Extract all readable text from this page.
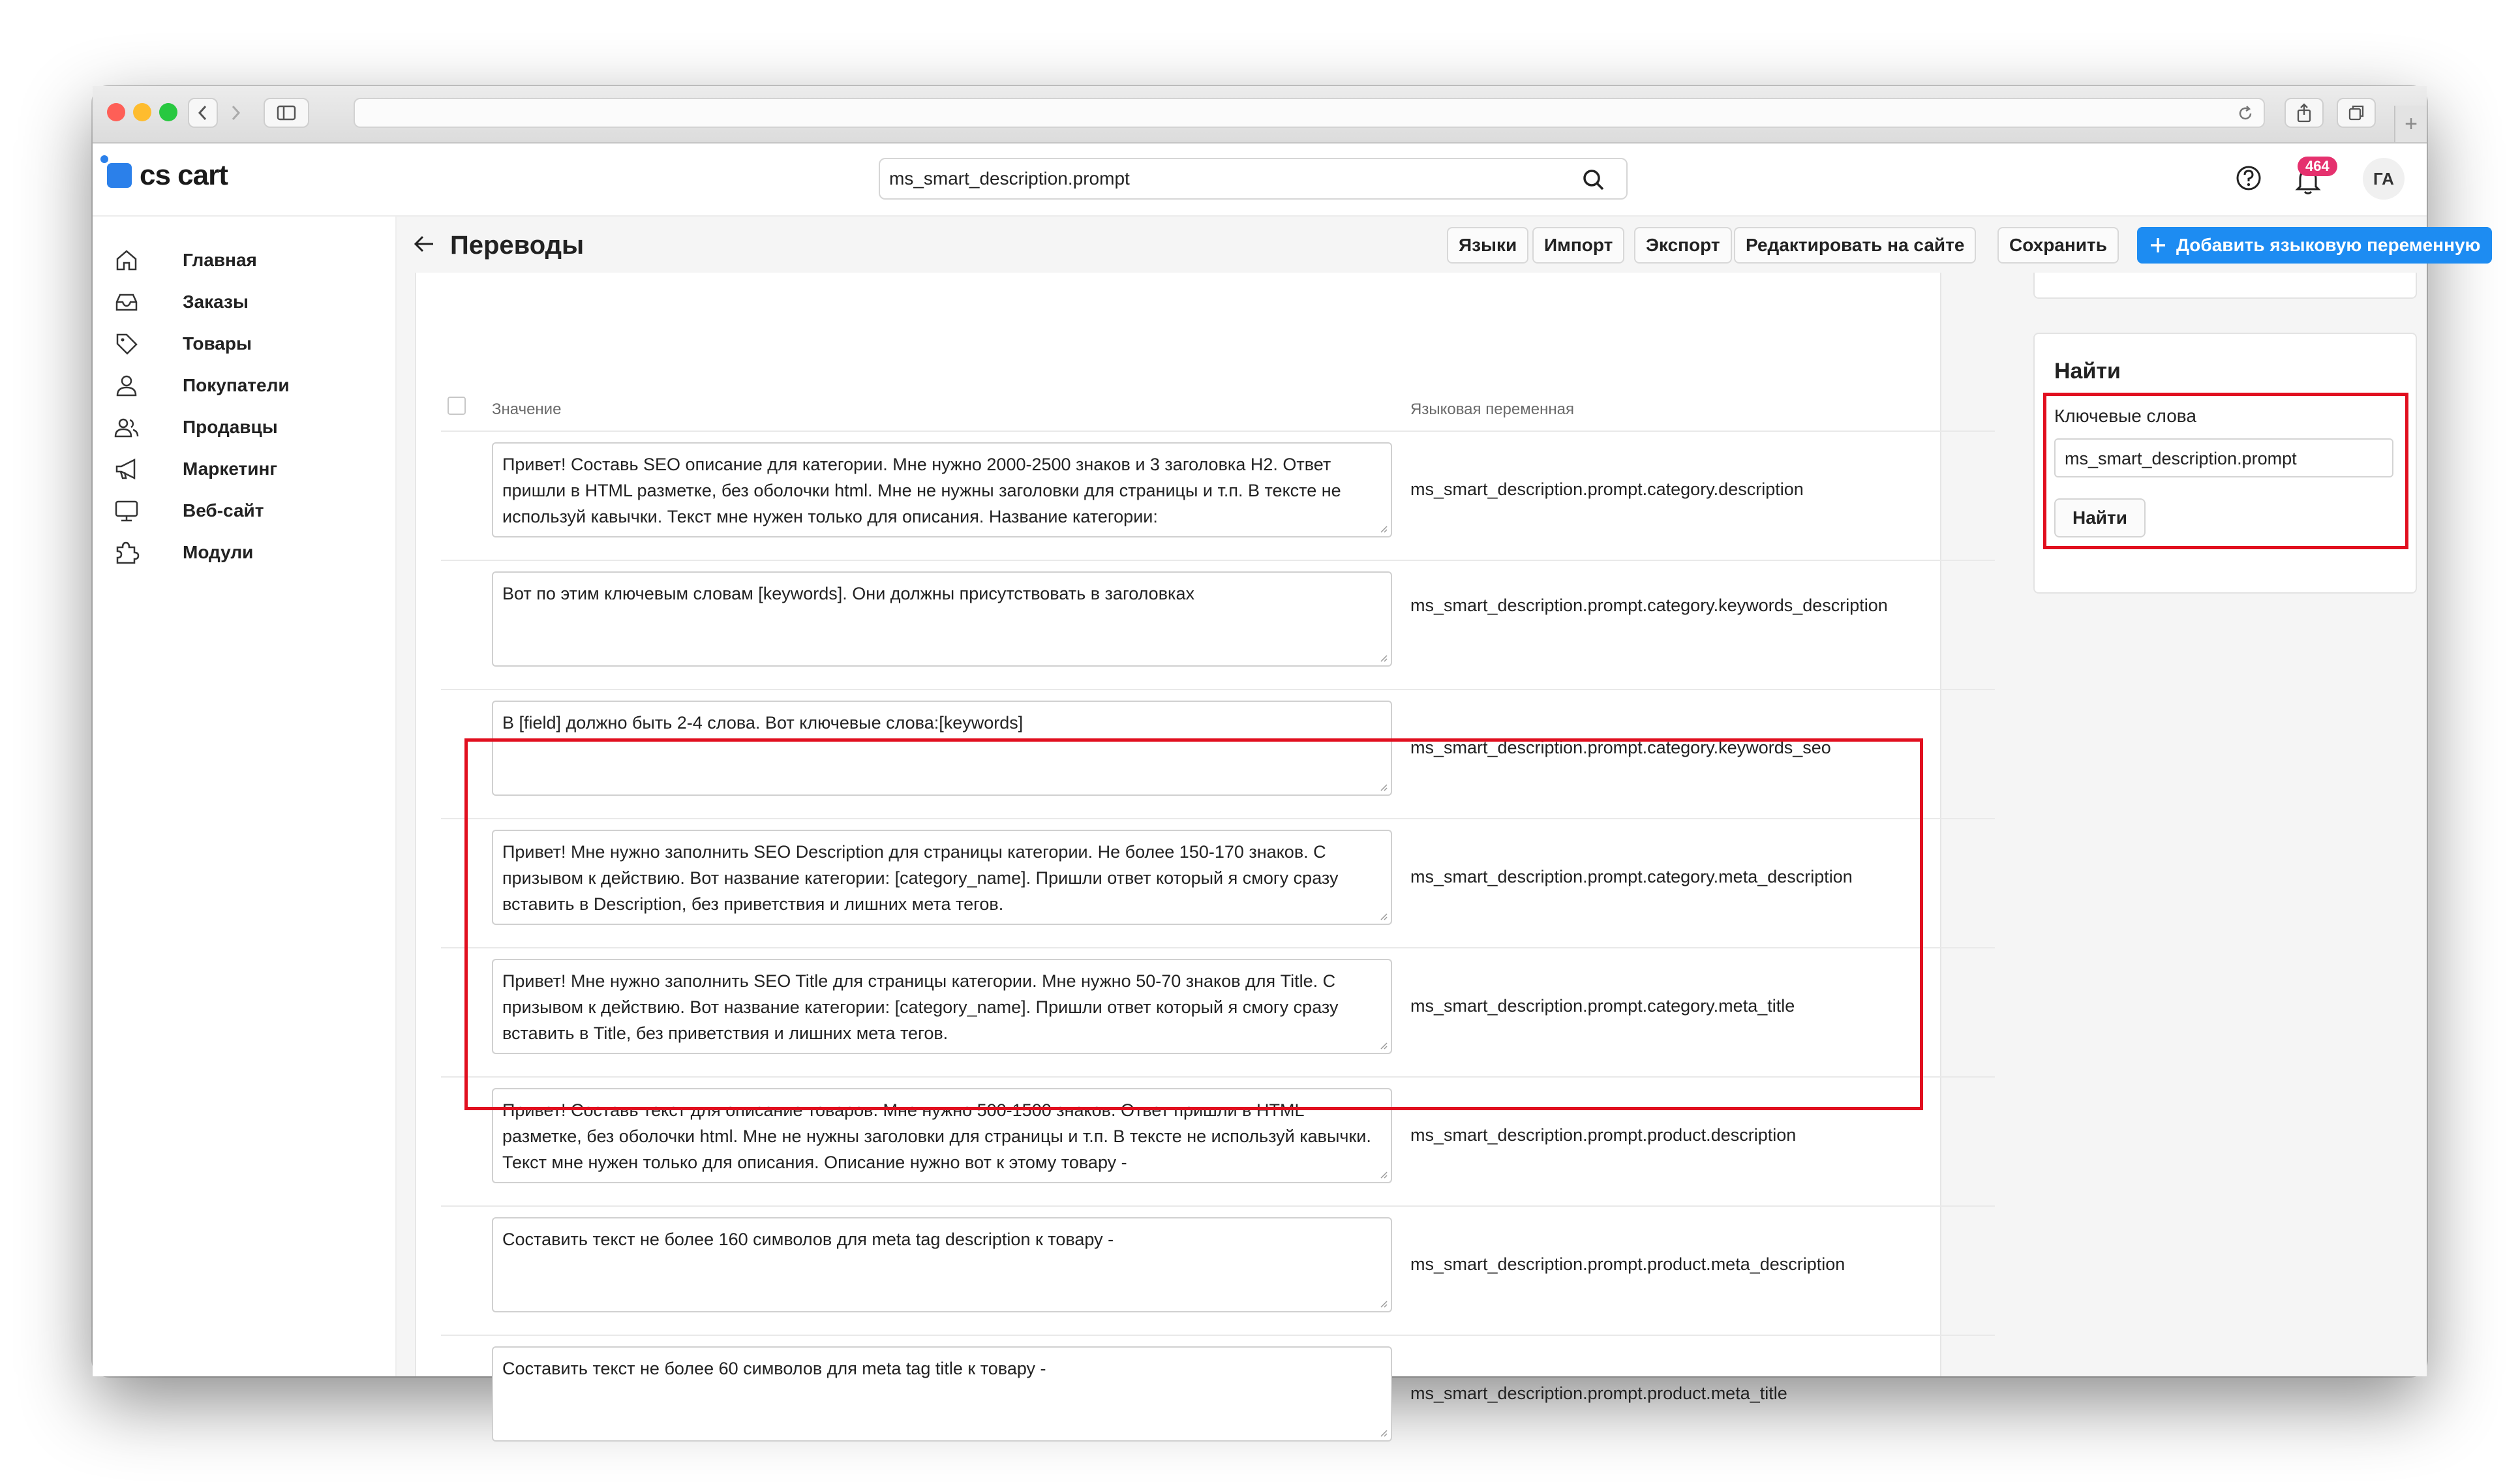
+
cs cart	ms_smart_description.prompt
464
ГА
Главная
Заказы
Товары
Покупатели
Продавцы
Маркетинг
Веб-сайт
Модули
Переводы	Языки	Импорт	Экспорт	Редактировать на сайте	Сохранить	Добавить языковую переменную
Значение	Языковая переменная
Привет! Составь SEO описание для категории. Мне нужно 2000-2500 знаков и 3 заголовка H2. Ответ пришли в HTML разметке, без оболочки html. Мне не нужны заголовки для страницы и т.п. В тексте не используй кавычки. Текст мне нужен только для описания. Название категории:
ms_smart_description.prompt.category.description
Вот по этим ключевым словам [keywords]. Они должны присутствовать в заголовках
ms_smart_description.prompt.category.keywords_description
В [field] должно быть 2-4 слова. Вот ключевые слова:[keywords]
ms_smart_description.prompt.category.keywords_seo
Привет! Мне нужно заполнить SEO Description для страницы категории. Не более 150-170 знаков. С призывом к действию. Вот название категории: [category_name]. Пришли ответ который я смогу сразу вставить в Description, без приветствия и лишних мета тегов.
ms_smart_description.prompt.category.meta_description
Привет! Мне нужно заполнить SEO Title для страницы категории. Мне нужно 50-70 знаков для Title. С призывом к действию. Вот название категории: [category_name]. Пришли ответ который я смогу сразу вставить в Title, без приветствия и лишних мета тегов.
ms_smart_description.prompt.category.meta_title
Привет! Составь текст для описание товаров. Мне нужно 500-1500 знаков. Ответ пришли в HTML разметке, без оболочки html. Мне не нужны заголовки для страницы и т.п. В тексте не используй кавычки. Текст мне нужен только для описания. Описание нужно вот к этому товару -
ms_smart_description.prompt.product.description
Составить текст не более 160 символов для meta tag description к товару -
ms_smart_description.prompt.product.meta_description
Составить текст не более 60 символов для meta tag title к товару -
ms_smart_description.prompt.product.meta_title
Найти
Ключевые слова
ms_smart_description.prompt
Найти
